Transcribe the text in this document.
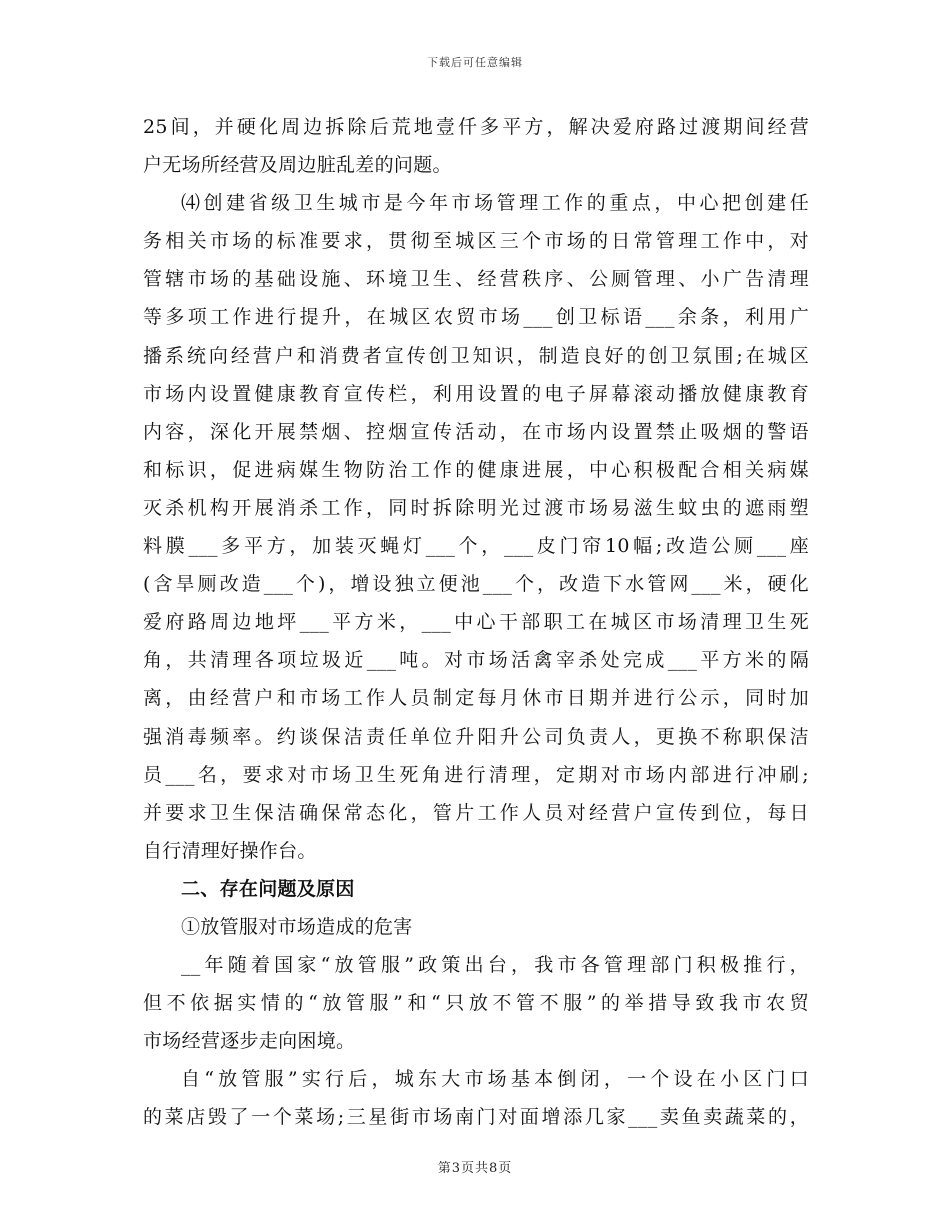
下载后可任意编辑
25间，并硬化周边拆除后荒地壹仟多平方，解决爱府路过渡期间经营
户无场所经营及周边脏乱差的问题。
⑷创建省级卫生城市是今年市场管理工作的重点，中心把创建任
务相关市场的标准要求，贯彻至城区三个市场的日常管理工作中，对
管辖市场的基础设施、环境卫生、经营秩序、公厕管理、小广告清理
等多项工作进行提升，在城区农贸市场___创卫标语___余条，利用广
播系统向经营户和消费者宣传创卫知识，制造良好的创卫氛围;在城区
市场内设置健康教育宣传栏，利用设置的电子屏幕滚动播放健康教育
内容，深化开展禁烟、控烟宣传活动，在市场内设置禁止吸烟的警语
和标识，促进病媒生物防治工作的健康进展，中心积极配合相关病媒
灭杀机构开展消杀工作，同时拆除明光过渡市场易滋生蚊虫的遮雨塑
料膜___多平方，加装灭蝇灯___个，___皮门帘10幅;改造公厕___座
(含旱厕改造___个)，增设独立便池___个，改造下水管网___米，硬化
爱府路周边地坪___平方米，___中心干部职工在城区市场清理卫生死
角，共清理各项垃圾近___吨。对市场活禽宰杀处完成___平方米的隔
离，由经营户和市场工作人员制定每月休市日期并进行公示，同时加
强消毒频率。约谈保洁责任单位升阳升公司负责人，更换不称职保洁
员___名，要求对市场卫生死角进行清理，定期对市场内部进行冲刷;
并要求卫生保洁确保常态化，管片工作人员对经营户宣传到位，每日
自行清理好操作台。
二、存在问题及原因
①放管服对市场造成的危害
__年随着国家“放管服”政策出台，我市各管理部门积极推行，
但不依据实情的“放管服”和“只放不管不服”的举措导致我市农贸
市场经营逐步走向困境。
自“放管服”实行后，城东大市场基本倒闭，一个设在小区门口
的菜店毁了一个菜场;三星街市场南门对面增添几家___卖鱼卖蔬菜的，
第3页共8页
